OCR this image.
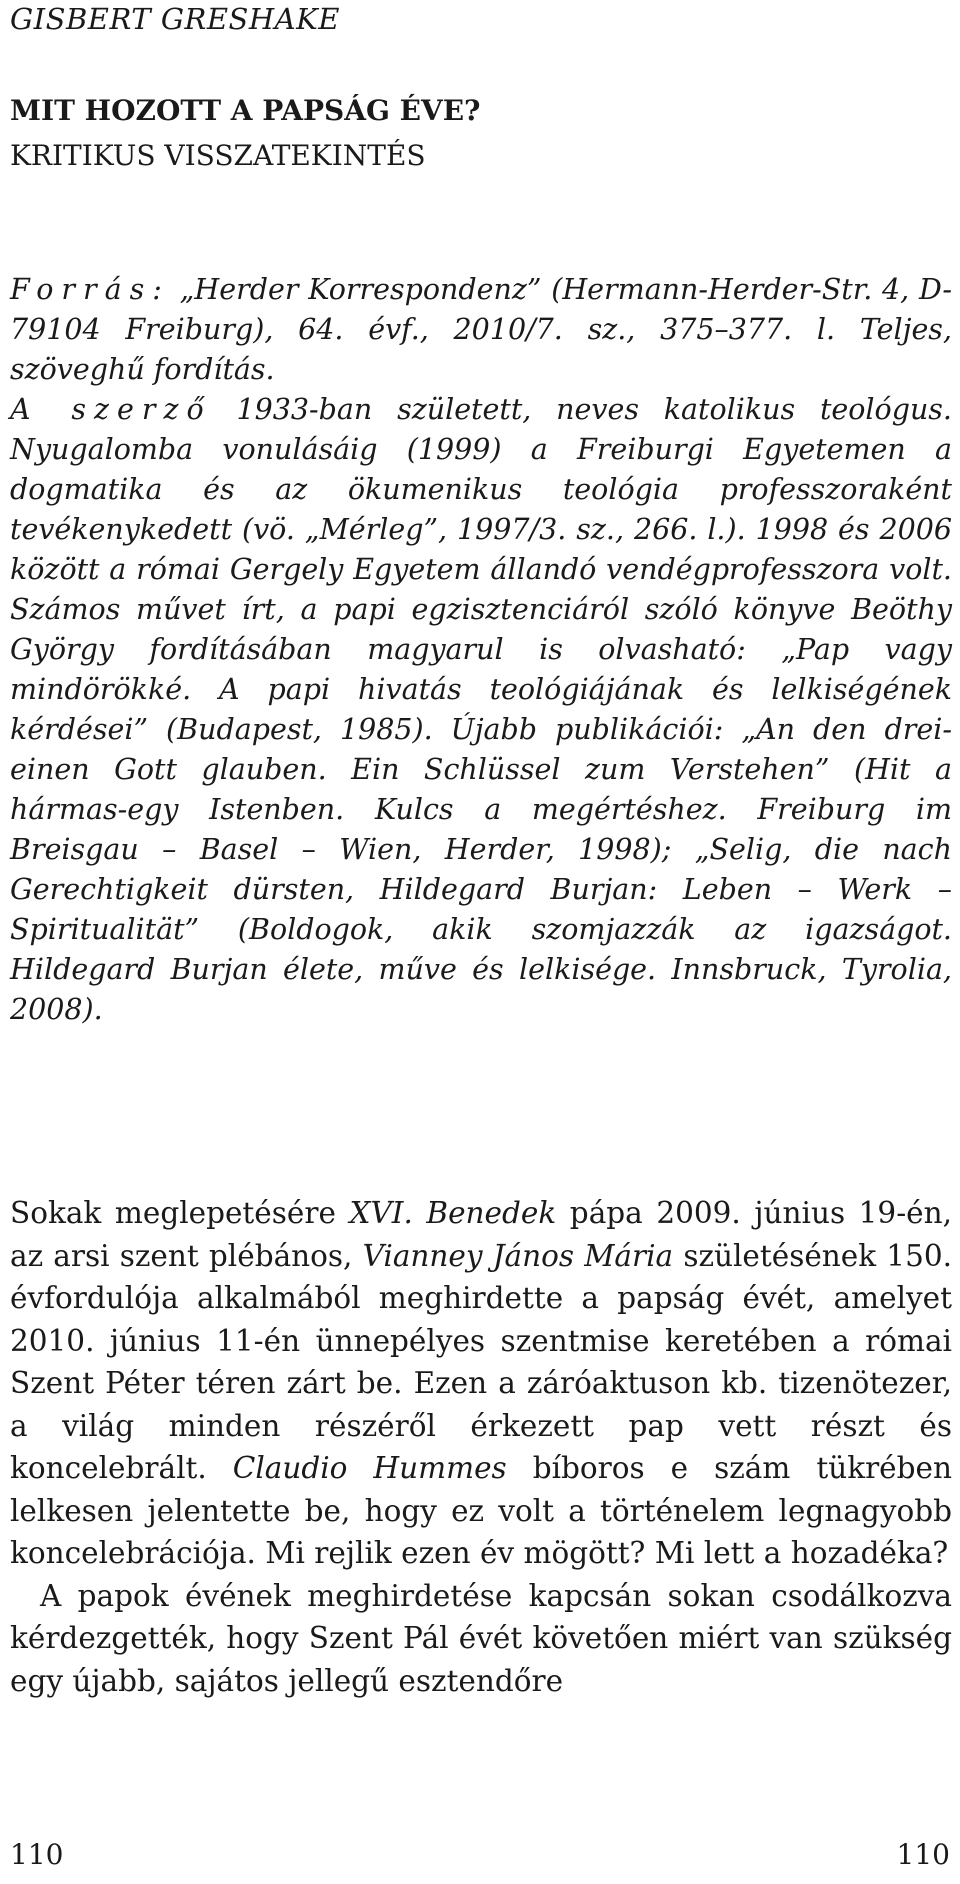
GISBERT GRESHAKE

MIT HOZOTT A PAPSÁG ÉVE?
KRITIKUS VISSZATEKINTÉS

Forrás: „Herder Korrespondenz” (Hermann-Herder-Str. 4, D-79104 Freiburg), 64. évf., 2010/7. sz., 375–377. l. Teljes, szöveghű fordítás.

A szerző 1933-ban született, neves katolikus teológus. Nyugalomba vonulásáig (1999) a Freiburgi Egyetemen a dogmatika és az ökumenikus teológia professzoraként tevékenykedett (vö. „Mérleg”, 1997/3. sz., 266. l.). 1998 és 2006 között a római Gergely Egyetem állandó vendégprofesszora volt. Számos művet írt, a papi egzisztenciáról szóló könyve Beöthy György fordításában magyarul is olvasható: „Pap vagy mindörökké. A papi hivatás teológiájának és lelkiségének kérdései” (Budapest, 1985). Újabb publikációi: „An den drei-einen Gott glauben. Ein Schlüssel zum Verstehen” (Hit a hármas-egy Istenben. Kulcs a megértéshez. Freiburg im Breisgau – Basel – Wien, Herder, 1998); „Selig, die nach Gerechtigkeit dürsten, Hildegard Burjan: Leben – Werk – Spiritualität” (Boldogok, akik szomjazzák az igazságot. Hildegard Burjan élete, műve és lelkisége. Innsbruck, Tyrolia, 2008).

Sokak meglepetésére XVI. Benedek pápa 2009. június 19-én, az arsi szent plébános, Vianney János Mária születésének 150. évfordulója alkalmából meghirdette a papság évét, amelyet 2010. június 11-én ünnepélyes szentmise keretében a római Szent Péter téren zárt be. Ezen a záróaktuson kb. tizenötezer, a világ minden részéről érkezett pap vett részt és koncelebrált. Claudio Hummes bíboros e szám tükrében lelkesen jelentette be, hogy ez volt a történelem legnagyobb koncelebrációja. Mi rejlik ezen év mögött? Mi lett a hozadéka?

A papok évének meghirdetése kapcsán sokan csodálkozva kérdezgették, hogy Szent Pál évét követően miért van szükség egy újabb, sajátos jellegű esztendőre

110	110
